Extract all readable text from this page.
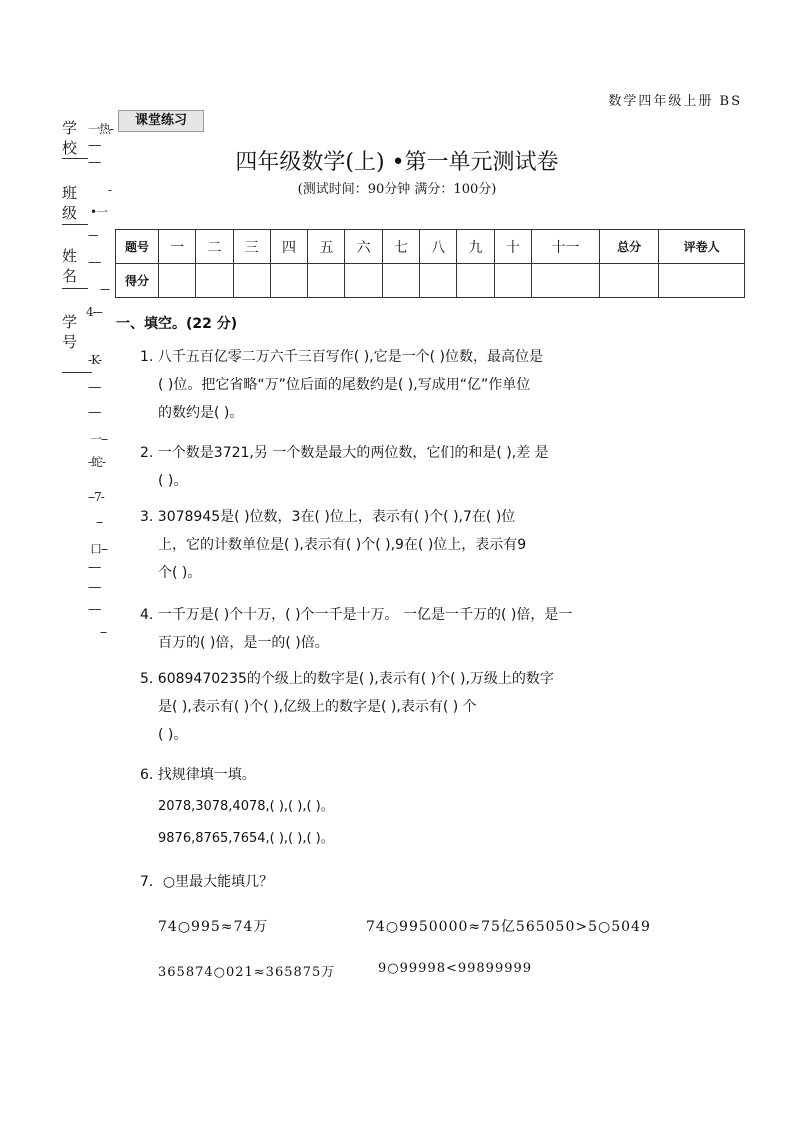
数学四年级上册 BS
课堂练习
四年级数学(上) •第一单元测试卷
(测试时间：90分钟 满分：100分)
学
校
班
级
姓
名
学
号
一热-
----
----
-
•一
---
----
---
4---
-K-
----
----
一--
-蛇-
--7-
--
口--
----
----
----
--
题号	一	二	三	四	五	六	七	八	九	十	十一	总分	评卷人
得分													
一、填空。(22 分)
1. 八千五百亿零二万六千三百写作( ),它是一个( )位数，最高位是
( )位。把它省略“万”位后面的尾数约是( ),写成用“亿”作单位
的数约是( )。
2. 一个数是3721,另 一个数是最大的两位数，它们的和是( ),差 是
( )。
3. 3078945是( )位数，3在( )位上，表示有( )个( ),7在( )位
上，它的计数单位是( ),表示有( )个( ),9在( )位上，表示有9
个( )。
4. 一千万是( )个十万，( )个一千是十万。 一亿是一千万的( )倍，是一
百万的( )倍，是一的( )倍。
5. 6089470235的个级上的数字是( ),表示有( )个( ),万级上的数字
是( ),表示有( )个( ),亿级上的数字是( ),表示有( ) 个
( )。
6. 找规律填一填。
2078,3078,4078,( ),( ),( )。
9876,8765,7654,( ),( ),( )。
7．○里最大能填几？
74○995≈74万	74○9950000≈75亿565050>5○5049
365874○021≈365875万	9○99998<99899999
